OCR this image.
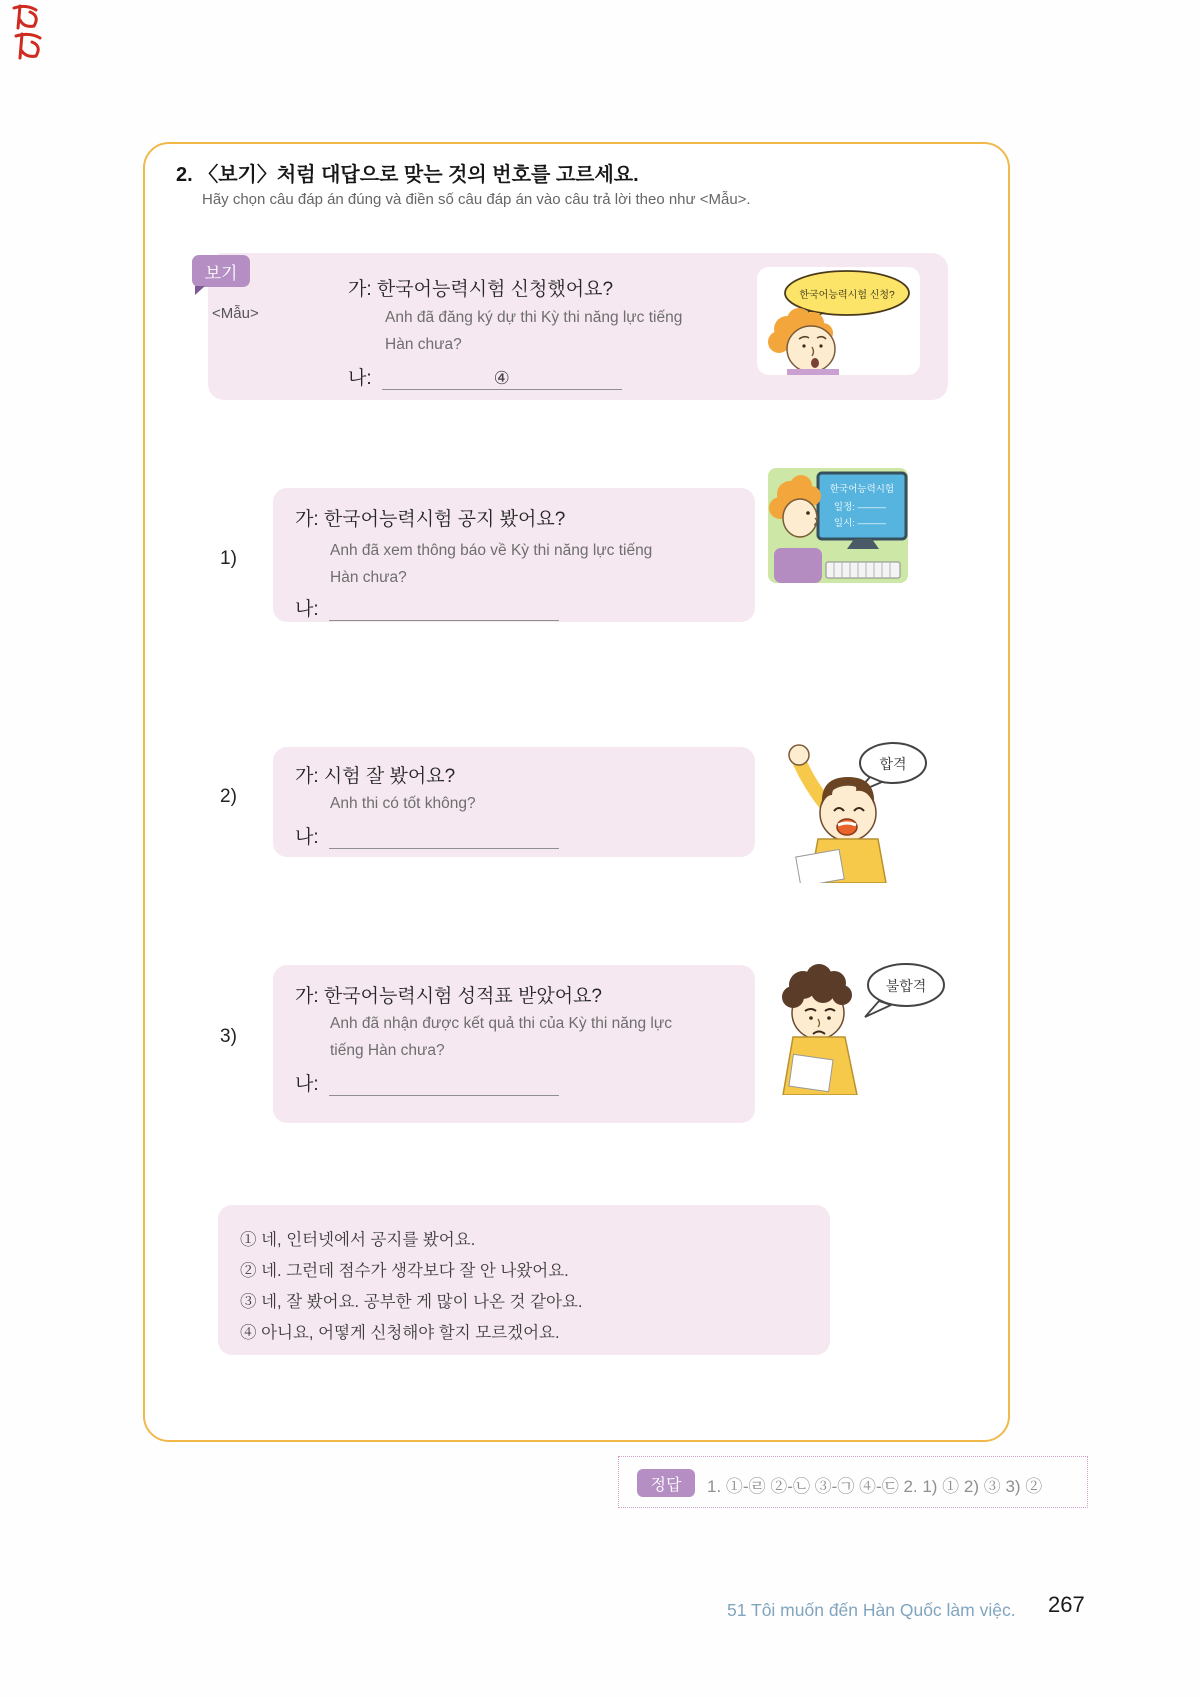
2. 〈보기〉처럼 대답으로 맞는 것의 번호를 고르세요.
Hãy chọn câu đáp án đúng và điền số câu đáp án vào câu trả lời theo như <Mẫu>.
보기
<Mẫu>
가: 한국어능력시험 신청했어요?
Anh đã đăng ký dự thi Kỳ thi năng lực tiếng
Hàn chưa?
나:	④
한국어능력시험 신청?
1)
가: 한국어능력시험 공지 봤어요?
Anh đã xem thông báo về Kỳ thi năng lực tiếng
Hàn chưa?
나:
한국어능력시험
일정: ———
일시: ———
2)
가: 시험 잘 봤어요?
Anh thi có tốt không?
나:
합격
3)
가: 한국어능력시험 성적표 받았어요?
Anh đã nhận được kết quả thi của Kỳ thi năng lực
tiếng Hàn chưa?
나:
불합격
① 네, 인터넷에서 공지를 봤어요.
② 네. 그런데 점수가 생각보다 잘 안 나왔어요.
③ 네, 잘 봤어요. 공부한 게 많이 나온 것 같아요.
④ 아니요, 어떻게 신청해야 할지 모르겠어요.
정답	1. ①-㉣ ②-㉡ ③-㉠ ④-㉢ 2. 1) ① 2) ③ 3) ②
51 Tôi muốn đến Hàn Quốc làm việc. 267
